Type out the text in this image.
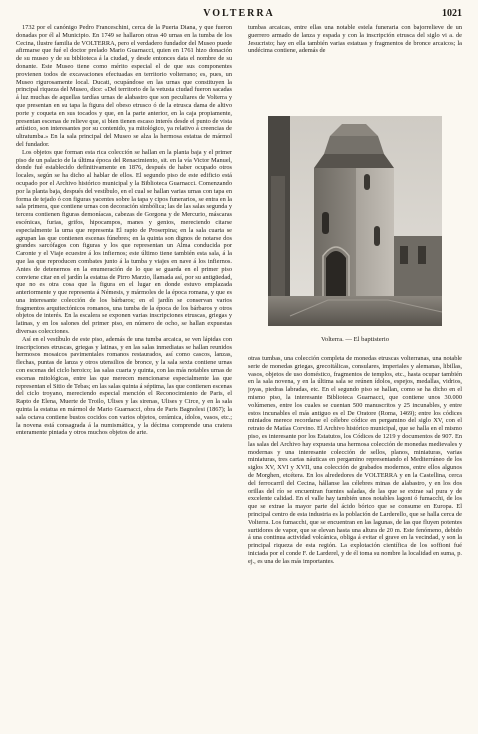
VOLTERRA	1021

1732 por el canónigo Pedro Franceschini, cerca de la Puerta Diana, y que fueron donadas por él al Municipio. En 1749 se hallaron otras 40 urnas en la tumba de los Cecina, ilustre familia de VOLTERRA, pero el verdadero fundador del Museo puede afirmarse que fué el doctor prelado Mario Guarnacci, quien en 1761 hizo donación de su museo y de su biblioteca á la ciudad, y desde entonces data el nombre de su donante. Este Museo tiene como mérito especial el de que sus componentes provienen todos de excavaciones efectuadas en territorio volterrano; es, pues, un Museo rigurosamente local. Ducati, ocupándose en las urnas que constituyen la principal riqueza del Museo, dice: «Del territorio de la vetusta ciudad fueron sacadas á luz muchas de aquellas tardías urnas de alabastro que son peculiares de Volterra y que presentan en su tapa la figura del obeso etrusco ó de la etrusca dama de altivo porte y coqueta en sus tocados y que, en la parte anterior, en la caja propiamente, presentan escenas de relieve que, si bien tienen escaso interés desde el punto de vista artístico, son interesantes por su contenido, ya mitológico, ya relativo á creencias de ultratumba.» En la sala principal del Museo se alza la hermosa estatua de mármol del fundador.

Los objetos que forman esta rica colección se hallan en la planta baja y el primer piso de un palacio de la última época del Renacimiento, sit. en la vía Victor Manuel, donde fué establecido definitivamente en 1876, después de haber ocupado otros locales, según se ha dicho al hablar de ellos. El segundo piso de este edificio está ocupado por el Archivo histórico municipal y la Biblioteca Guarnacci. Comenzando por la planta baja, después del vestíbulo, en el cual se hallan varias urnas con tapa en forma de tejado ó con figuras yacentes sobre la tapa y cipos funerarios, se entra en la sala primera, que contiene urnas con decoración simbólica; las de las salas segunda y tercera contienen figuras demoníacas, cabezas de Gorgona y de Mercurio, máscaras escénicas, furias, grifos, hipocampos, manes y genios, mereciendo citarse especialmente la urna que representa El rapto de Proserpina; en la sala cuarta se agrupan las que contienen escenas fúnebres; en la quinta son dignos de notarse dos grandes sarcófagos con figuras y los que representan un Alma conducida por Caronte y el Viaje ecuestre á los infiernos; este último tiene también esta sala, á la que las que reproducen combates junto á la tumba y viajes en nave á los infiernos. Antes de detenernos en la enumeración de lo que se guarda en el primer piso conviene citar en el jardín la estatua de Pirro Marzio, llamada así, por su antigüedad, que no es otra cosa que la figura en el lugar en donde estuvo emplazada anteriormente y que representa á Némesis, y mármoles de la época romana, y que es una interesante colección de los bárbaros; en el jardín se conservan varios fragmentos arquitectónicos romanos, una tumba de la época de los bárbaros y otros objetos de interés. En la escalera se exponen varias inscripciones etruscas, griegas y latinas, y en los salones del primer piso, en número de ocho, se hallan expuestas diversas colecciones.

Así en el vestíbulo de este piso, además de una tumba arcaica, se ven lápidas con inscripciones etruscas, griegas y latinas, y en las salas inmediatas se hallan reunidos hermosos mosaicos pavimentales romanos restaurados, así como cascos, lanzas, flechas, puntas de lanza y otros utensilios de bronce, y la sala sexta contiene urnas con escenas del ciclo heroico; las salas cuarta y quinta, con las más notables urnas de escenas mitológicas, entre las que merecen mencionarse especialmente las que representan el Sitio de Tebas; en las salas quinta á séptima, las que contienen escenas del ciclo troyano, mereciendo especial mención el Reconocimiento de Paris, el Rapto de Elena, Muerte de Troilo, Ulises y las sirenas, Ulises y Circe, y en la sala quinta la estatua en mármol de Mario Guarnacci, obra de Paris Bagnolesi (1867); la sala octava contiene bustos cocidos con varios objetos, cerámica, ídolos, vasos, etc.; la novena está consagrada á la numismática, y la décima comprende una cratera enteramente pintada y otros muchos objetos de arte.

tumbas arcaicas, entre ellas una notable estela funeraria con bajorrelieve de un guerrero armado de lanza y espada y con la inscripción etrusca del siglo vi a. de Jesucristo; hay en ella también varias estatuas y fragmentos de bronce arcaicos; la undécima contiene, además de

Volterra. — El baptisterio

otras tumbas, una colección completa de monedas etruscas volterranas, una notable serie de monedas griegas, grecoitálicas, consulares, imperiales y alemanas, libillas, vasos, objetos de uso doméstico, fragmentos de templos, etc., hasta ocupar también en la sala novena, y en la última sala se reúnen ídolos, espejos, medallas, vidrios, joyas, piedras labradas, etc. En el segundo piso se hallan, como se ha dicho en el mismo piso, la interesante Biblioteca Guarnacci, que contiene unos 30.000 volúmenes, entre los cuales se cuentan 500 manuscritos y 25 incunables, y entre estos incunables el más antiguo es el De Oratore (Roma, 1469); entre los códices miniados merece recordarse el célebre códice en pergamino del siglo XV, con el retrato de Matías Corvino. El Archivo histórico municipal, que se halla en el mismo piso, es interesante por los Estatutos, los Códices de 1219 y documentos de 907. En las salas del Archivo hay expuesta una hermosa colección de monedas medievales y modernas y una interesante colección de sellos, planos, miniaturas, varias miniaturas, tres cartas náuticas en pergamino representando el Mediterráneo de los siglos XV, XVI y XVII, una colección de grabados modernos, entre ellos algunos de Morghen, etcétera. En los alrededores de VOLTERRA y en la Castellina, cerca del ferrocarril del Cecina, hállanse las célebres minas de alabastro, y en los dos orillas del río se encuentran fuentes saladas, de las que se extrae sal pura y de excelente calidad. En el valle hay también unos notables lagoni ó fumacchi, de los que se extrae la mayor parte del ácido bórico que se consume en Europa. El principal centro de esta industria es la población de Larderello, que se halla cerca de Volterra. Los fumacchi, que se encuentran en las lagunas, de las que fluyen potentes surtidores de vapor, que se elevan hasta una altura de 20 m. Este fenómeno, debido á una continua actividad volcánica, obliga á evitar el grave en la vecindad, y son la principal riqueza de esta región. La explotación científica de los soffioni fué iniciada por el conde F. de Larderel, y de él toma su nombre la localidad en suma, p. ej., es una de las más importantes.
